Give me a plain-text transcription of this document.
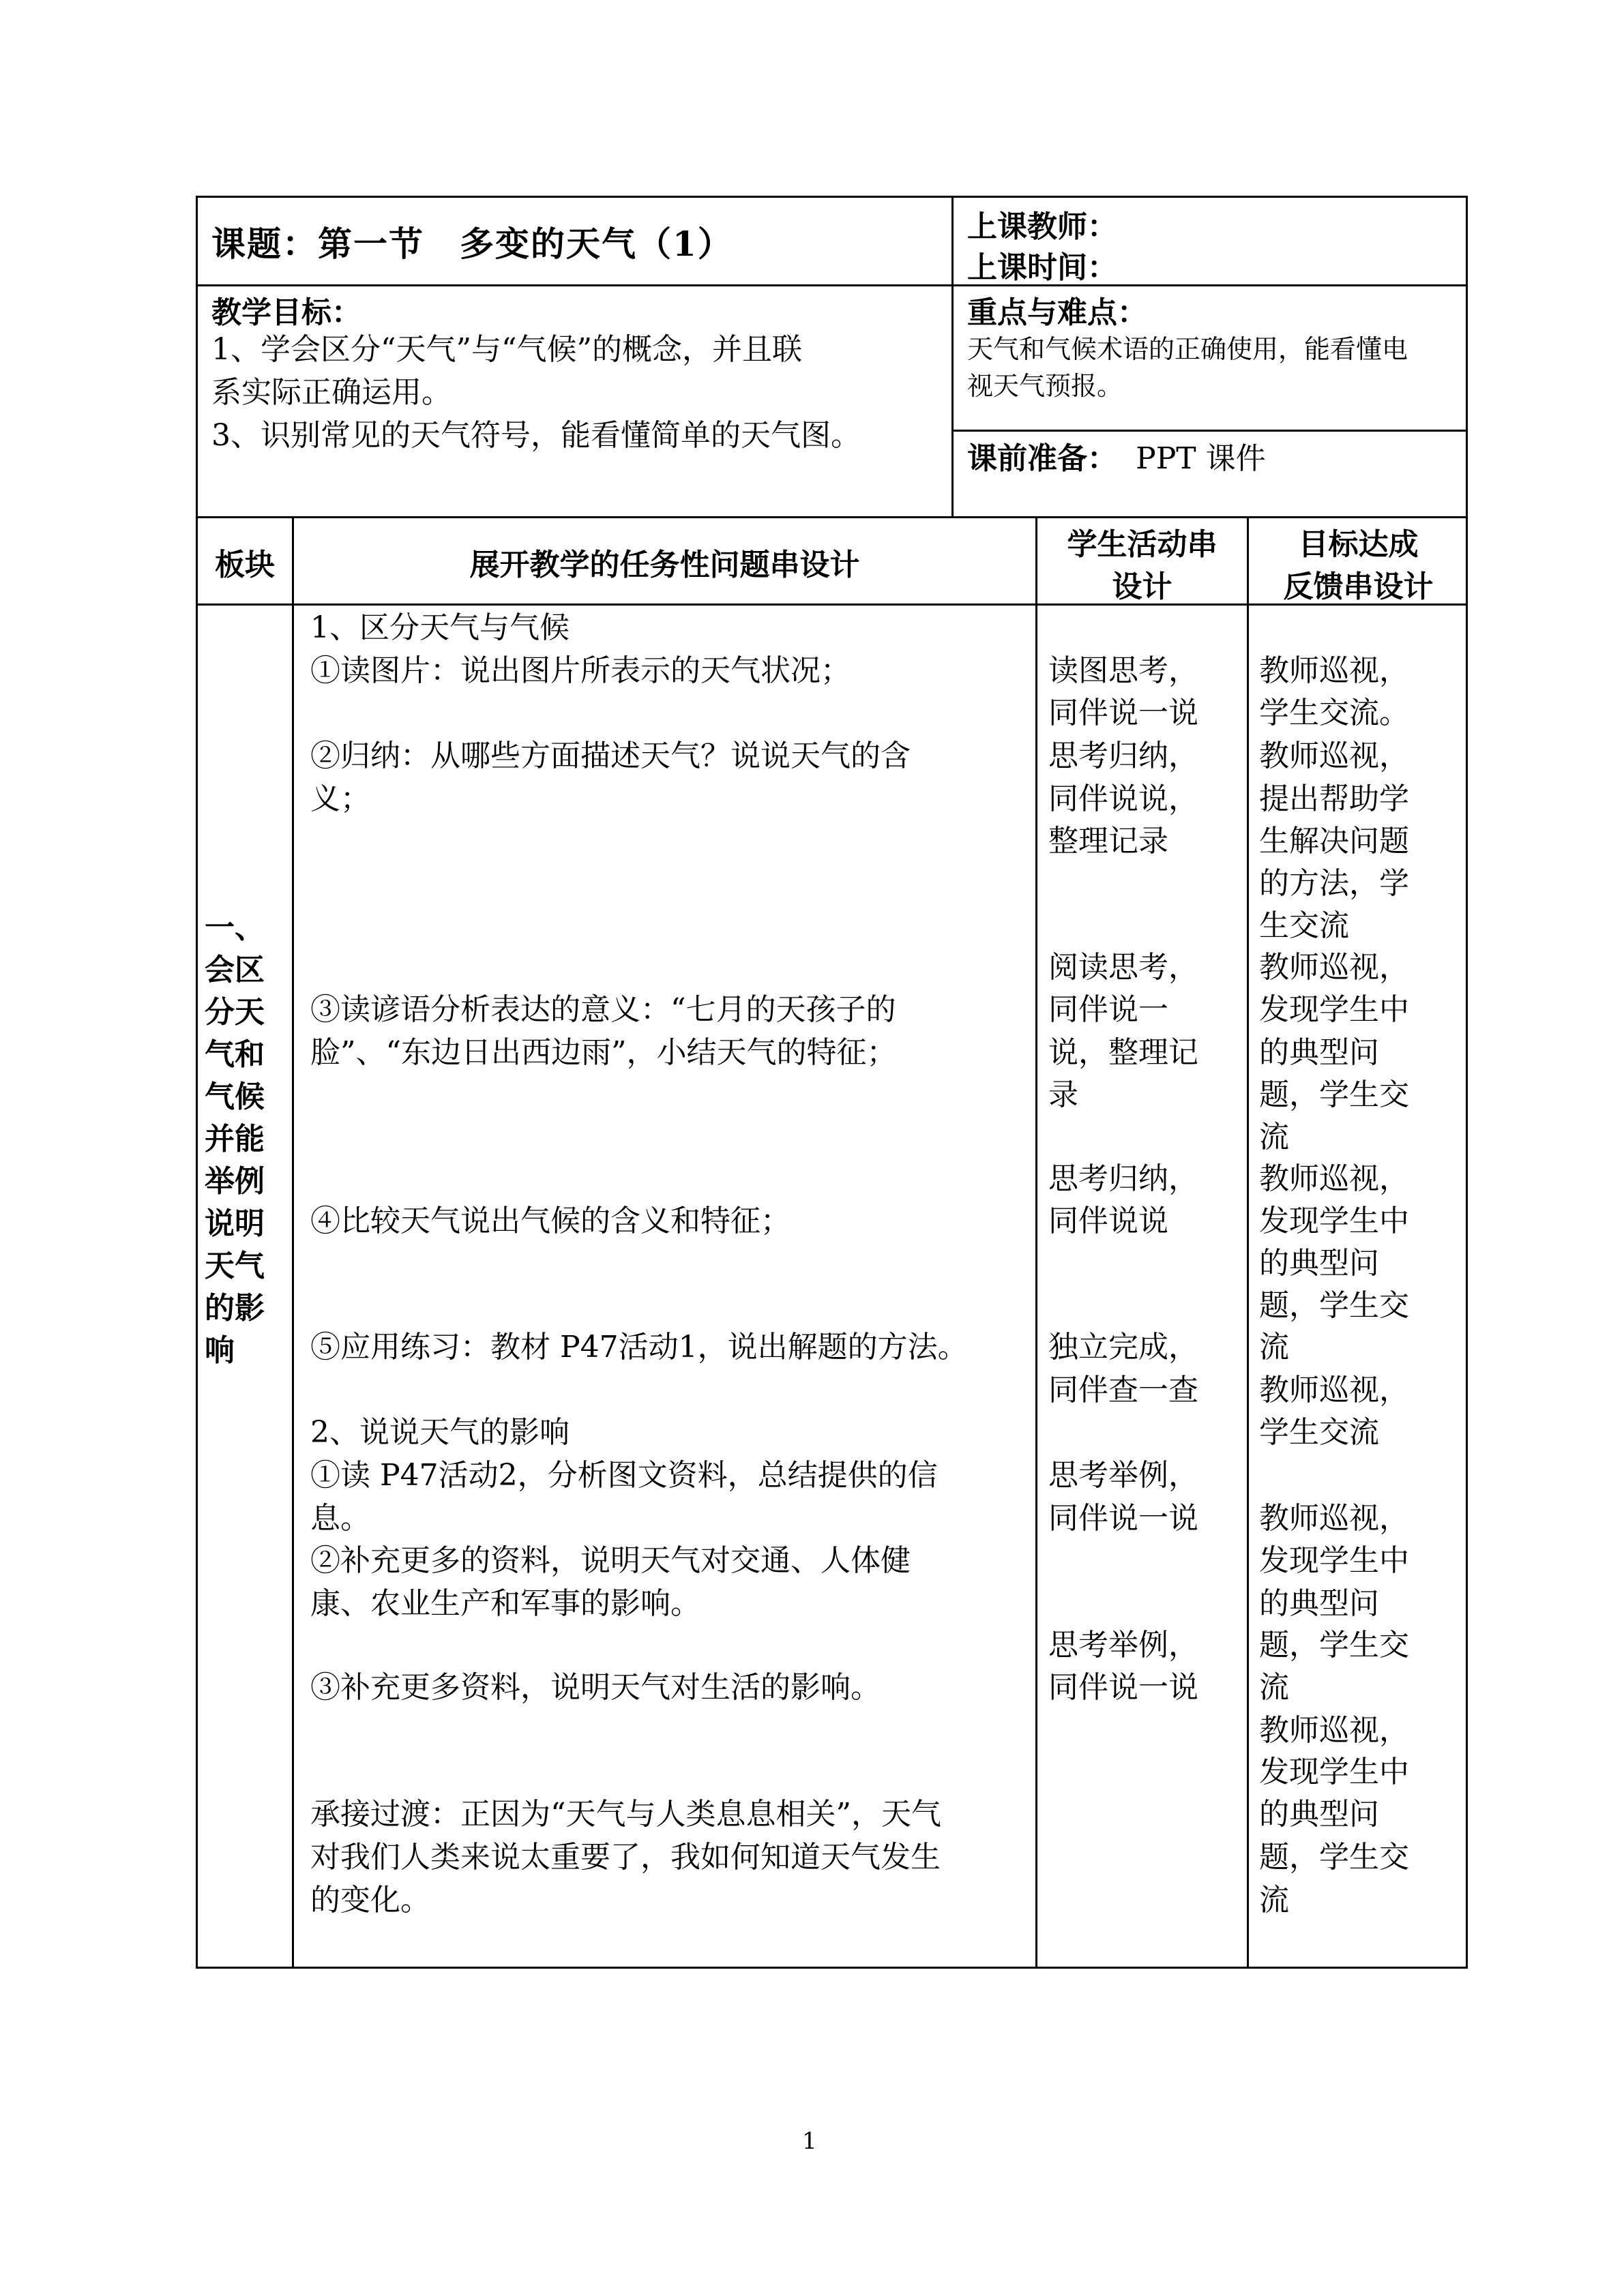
课题：第一节　多变的天气（1）	上课教师：
上课时间：
教学目标：
1、学会区分“天气”与“气候”的概念，并且联
系实际正确运用。
3、识别常见的天气符号，能看懂简单的天气图。
重点与难点：
天气和气候术语的正确使用，能看懂电
视天气预报。
课前准备： PPT 课件
板块	展开教学的任务性问题串设计
学生活动串
设计
目标达成
反馈串设计
一、
会区
分天
气和
气候
并能
举例
说明
天气
的影
响
1、区分天气与气候
①读图片：说出图片所表示的天气状况；
②归纳：从哪些方面描述天气？说说天气的含
义；
③读谚语分析表达的意义：“七月的天孩子的
脸”、“东边日出西边雨”，小结天气的特征；
④比较天气说出气候的含义和特征；
⑤应用练习：教材 P47活动1，说出解题的方法。
2、说说天气的影响
①读 P47活动2，分析图文资料，总结提供的信
息。
②补充更多的资料，说明天气对交通、人体健
康、农业生产和军事的影响。
③补充更多资料，说明天气对生活的影响。
承接过渡：正因为“天气与人类息息相关”，天气
对我们人类来说太重要了，我如何知道天气发生
的变化。
读图思考，
同伴说一说
思考归纳，
同伴说说，
整理记录
阅读思考，
同伴说一
说，整理记
录
思考归纳，
同伴说说
独立完成，
同伴查一查
思考举例，
同伴说一说
思考举例，
同伴说一说
教师巡视，
学生交流。
教师巡视，
提出帮助学
生解决问题
的方法，学
生交流
教师巡视，
发现学生中
的典型问
题，学生交
流
教师巡视，
发现学生中
的典型问
题，学生交
流
教师巡视，
学生交流
教师巡视，
发现学生中
的典型问
题，学生交
流
教师巡视，
发现学生中
的典型问
题，学生交
流
1
